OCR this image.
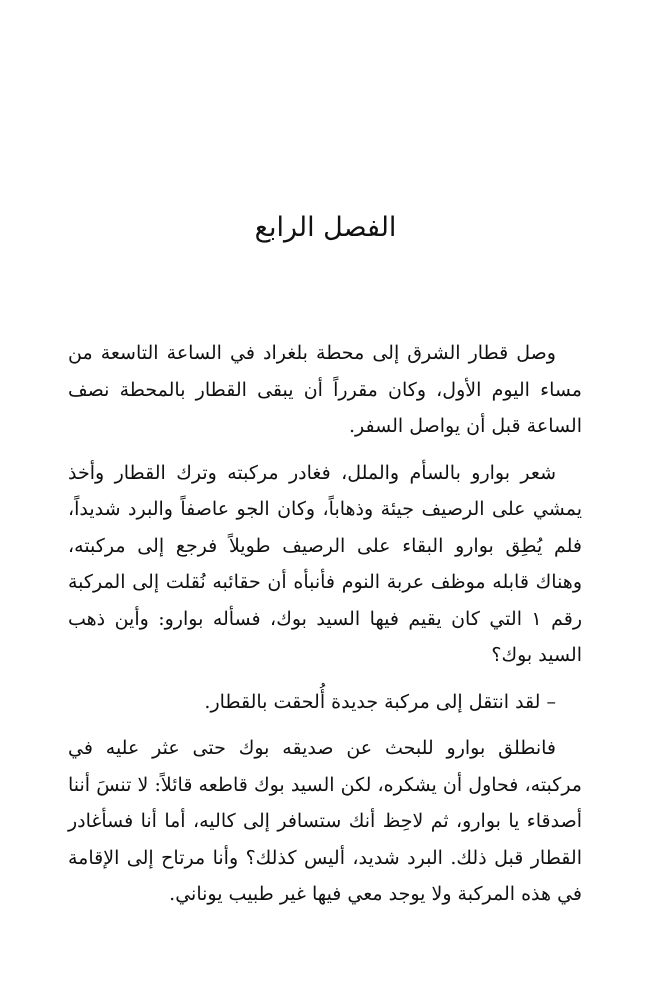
الفصل الرابع

وصل قطار الشرق إلى محطة بلغراد في الساعة التاسعة من مساء اليوم الأول، وكان مقرراً أن يبقى القطار بالمحطة نصف الساعة قبل أن يواصل السفر.

شعر بوارو بالسأم والملل، فغادر مركبته وترك القطار وأخذ يمشي على الرصيف جيئة وذهاباً، وكان الجو عاصفاً والبرد شديداً، فلم يُطِق بوارو البقاء على الرصيف طويلاً فرجع إلى مركبته، وهناك قابله موظف عربة النوم فأنبأه أن حقائبه نُقلت إلى المركبة رقم ١ التي كان يقيم فيها السيد بوك، فسأله بوارو: وأين ذهب السيد بوك؟

– لقد انتقل إلى مركبة جديدة أُلحقت بالقطار.

فانطلق بوارو للبحث عن صديقه بوك حتى عثر عليه في مركبته، فحاول أن يشكره، لكن السيد بوك قاطعه قائلاً: لا تنسَ أننا أصدقاء يا بوارو، ثم لاحِظ أنك ستسافر إلى كاليه، أما أنا فسأغادر القطار قبل ذلك. البرد شديد، أليس كذلك؟ وأنا مرتاح إلى الإقامة في هذه المركبة ولا يوجد معي فيها غير طبيب يوناني.
